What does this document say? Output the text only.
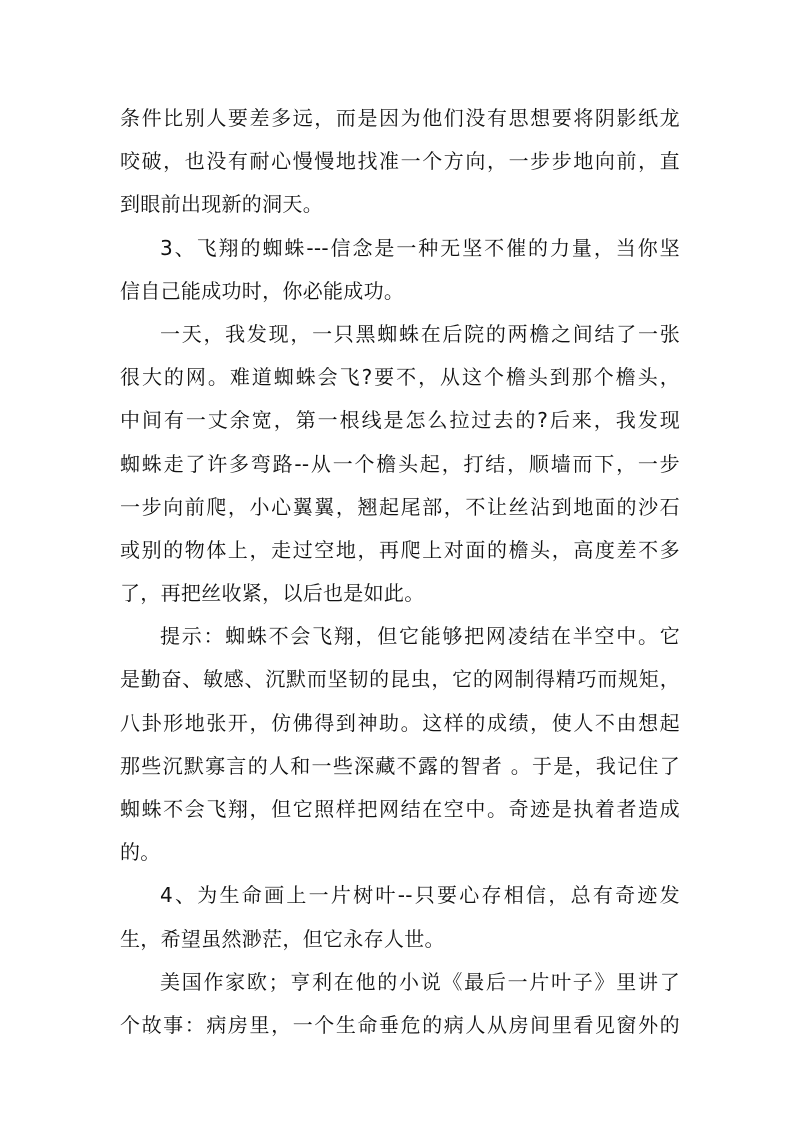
条件比别人要差多远，而是因为他们没有思想要将阴影纸龙
咬破，也没有耐心慢慢地找准一个方向，一步步地向前，直
到眼前出现新的洞天。
3、飞翔的蜘蛛---信念是一种无坚不催的力量，当你坚
信自己能成功时，你必能成功。
一天，我发现，一只黑蜘蛛在后院的两檐之间结了一张
很大的网。难道蜘蛛会飞?要不，从这个檐头到那个檐头，
中间有一丈余宽，第一根线是怎么拉过去的?后来，我发现
蜘蛛走了许多弯路--从一个檐头起，打结，顺墙而下，一步
一步向前爬，小心翼翼，翘起尾部，不让丝沾到地面的沙石
或别的物体上，走过空地，再爬上对面的檐头，高度差不多
了，再把丝收紧，以后也是如此。
提示：蜘蛛不会飞翔，但它能够把网凌结在半空中。它
是勤奋、敏感、沉默而坚韧的昆虫，它的网制得精巧而规矩，
八卦形地张开，仿佛得到神助。这样的成绩，使人不由想起
那些沉默寡言的人和一些深藏不露的智者 。于是，我记住了
蜘蛛不会飞翔，但它照样把网结在空中。奇迹是执着者造成
的。
4、为生命画上一片树叶--只要心存相信，总有奇迹发
生，希望虽然渺茫，但它永存人世。
美国作家欧；亨利在他的小说《最后一片叶子》里讲了
个故事：病房里，一个生命垂危的病人从房间里看见窗外的
